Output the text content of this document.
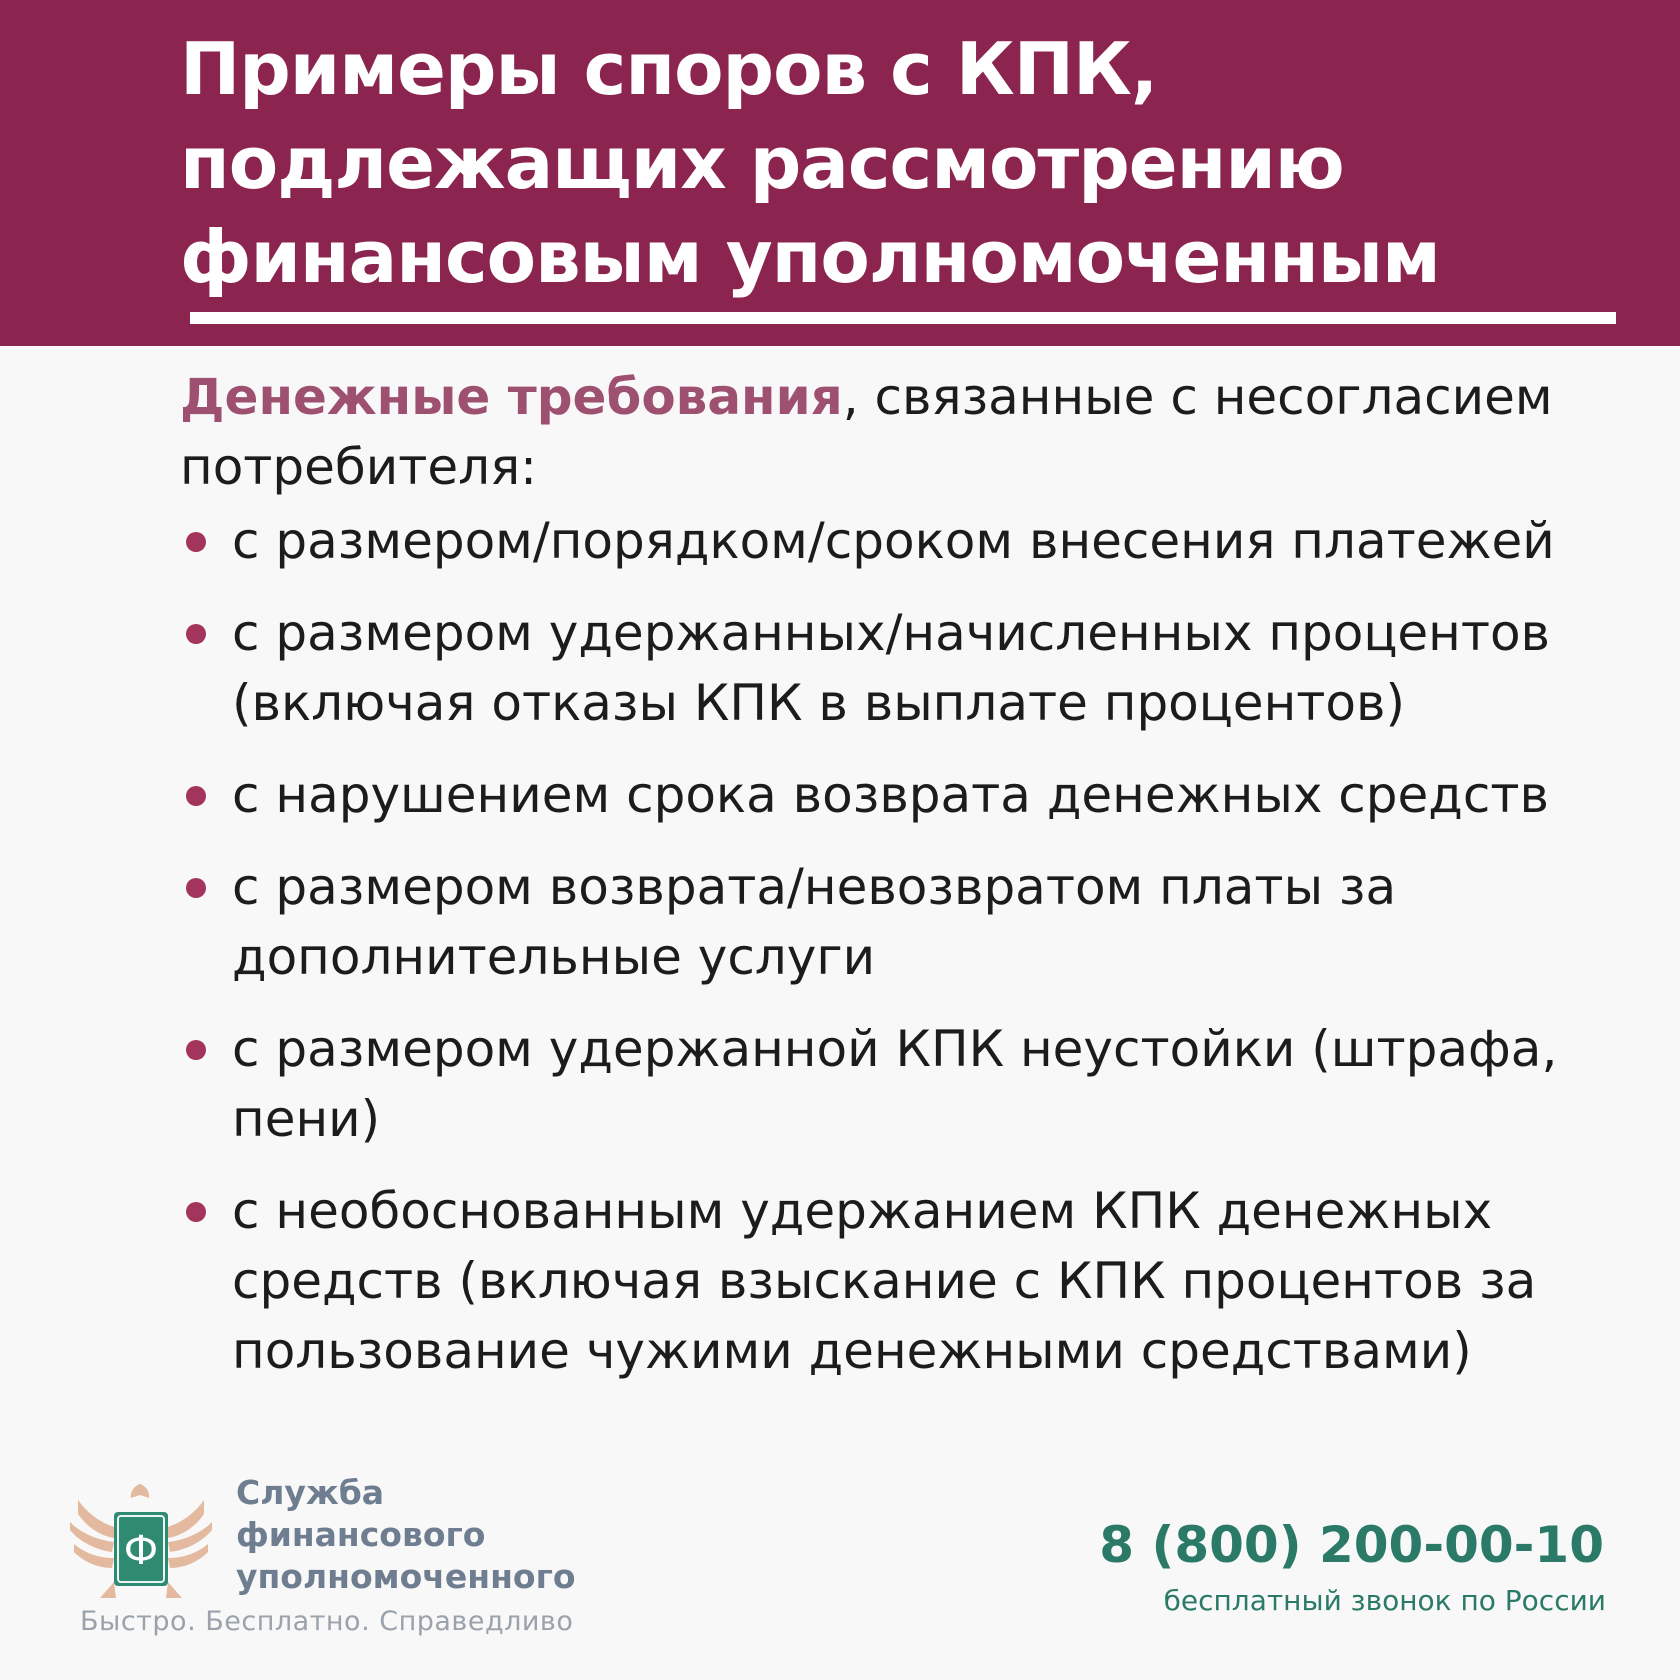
Примеры споров с КПК,
подлежащих рассмотрению
финансовым уполномоченным

Денежные требования, связанные с несогласием потребителя:

с размером/порядком/сроком внесения платежей
с размером удержанных/начисленных процентов (включая отказы КПК в выплате процентов)
с нарушением срока возврата денежных средств
с размером возврата/невозвратом платы за дополнительные услуги
с размером удержанной КПК неустойки (штрафа, пени)
с необоснованным удержанием КПК денежных средств (включая взыскание с КПК процентов за пользование чужими денежными средствами)
Ф
Служба
финансового
уполномоченного
Быстро. Бесплатно. Справедливо
8 (800) 200-00-10
бесплатный звонок по России
